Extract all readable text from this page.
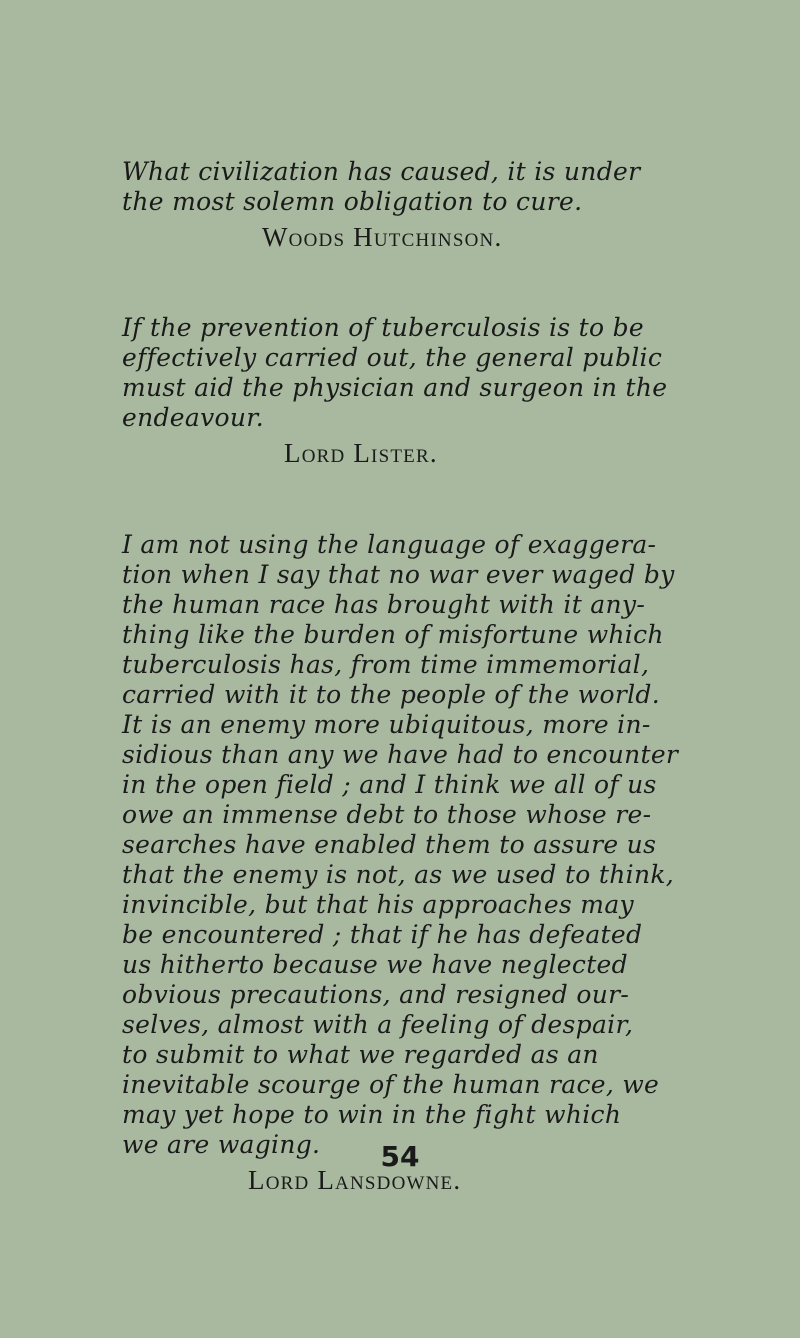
What civilization has caused, it is under
the most solemn obligation to cure.
Woods Hutchinson.
If the prevention of tuberculosis is to be
effectively carried out, the general public
must aid the physician and surgeon in the
endeavour.
Lord Lister.
I am not using the language of exaggera-
tion when I say that no war ever waged by
the human race has brought with it any-
thing like the burden of misfortune which
tuberculosis has, from time immemorial,
carried with it to the people of the world.
It is an enemy more ubiquitous, more in-
sidious than any we have had to encounter
in the open field ; and I think we all of us
owe an immense debt to those whose re-
searches have enabled them to assure us
that the enemy is not, as we used to think,
invincible, but that his approaches may
be encountered ; that if he has defeated
us hitherto because we have neglected
obvious precautions, and resigned our-
selves, almost with a feeling of despair,
to submit to what we regarded as an
inevitable scourge of the human race, we
may yet hope to win in the fight which
we are waging.
Lord Lansdowne.
54
